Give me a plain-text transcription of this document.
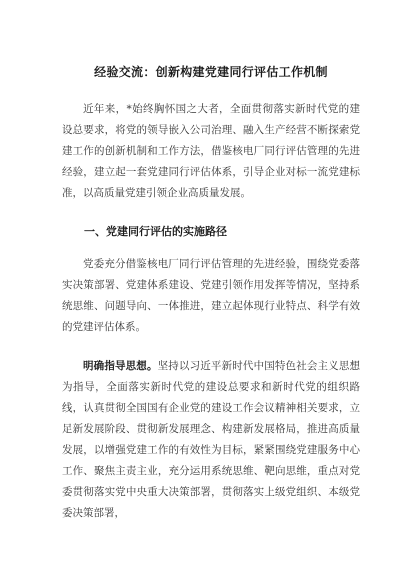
经验交流：创新构建党建同行评估工作机制

近年来，*始终胸怀国之大者，全面贯彻落实新时代党的建设总要求，将党的领导嵌入公司治理、融入生产经营不断探索党建工作的创新机制和工作方法，借鉴核电厂同行评估管理的先进经验，建立起一套党建同行评估体系，引导企业对标一流党建标准，以高质量党建引领企业高质量发展。

一、党建同行评估的实施路径

党委充分借鉴核电厂同行评估管理的先进经验，围绕党委落实决策部署、党建体系建设、党建引领作用发挥等情况，坚持系统思维、问题导向、一体推进，建立起体现行业特点、科学有效的党建评估体系。

明确指导思想。坚持以习近平新时代中国特色社会主义思想为指导，全面落实新时代党的建设总要求和新时代党的组织路线，认真贯彻全国国有企业党的建设工作会议精神相关要求，立足新发展阶段、贯彻新发展理念、构建新发展格局，推进高质量发展，以增强党建工作的有效性为目标，紧紧围绕党建服务中心工作、聚焦主责主业，充分运用系统思维、靶向思维，重点对党委贯彻落实党中央重大决策部署，贯彻落实上级党组织、本级党委决策部署，
